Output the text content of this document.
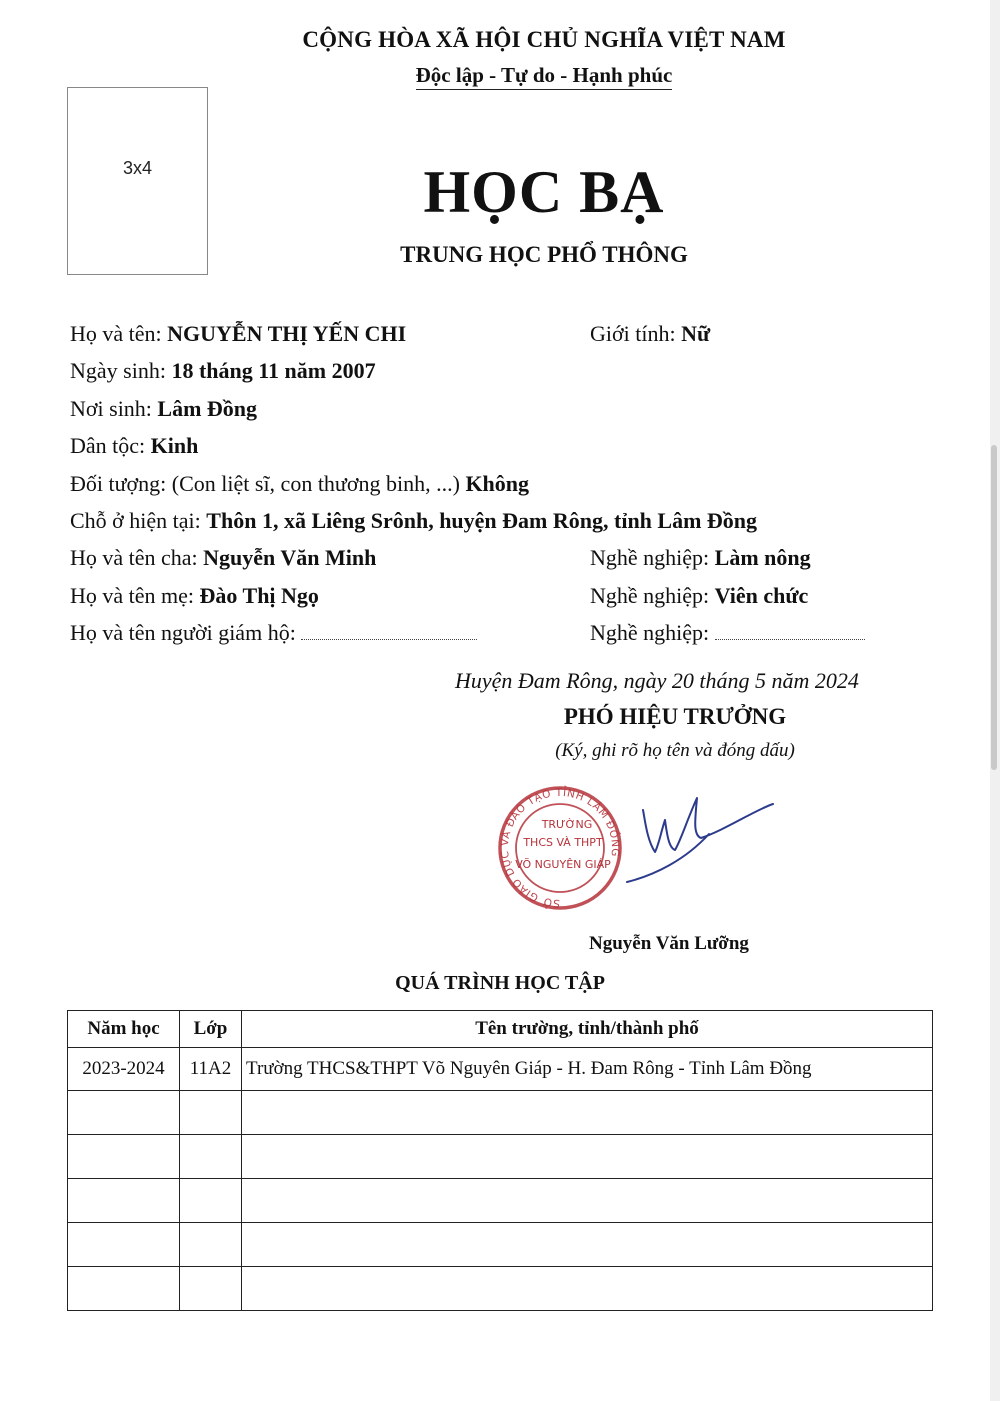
CỘNG HÒA XÃ HỘI CHỦ NGHĨA VIỆT NAM
Độc lập - Tự do - Hạnh phúc
3x4	HỌC BẠ
TRUNG HỌC PHỔ THÔNG
Họ và tên: NGUYỄN THỊ YẾN CHI	Giới tính: Nữ
Ngày sinh: 18 tháng 11 năm 2007
Nơi sinh: Lâm Đồng
Dân tộc: Kinh
Đối tượng: (Con liệt sĩ, con thương binh, ...) Không
Chỗ ở hiện tại: Thôn 1, xã Liêng Srônh, huyện Đam Rông, tỉnh Lâm Đồng
Họ và tên cha: Nguyễn Văn Minh	Nghề nghiệp: Làm nông
Họ và tên mẹ: Đào Thị Ngọ	Nghề nghiệp: Viên chức
Họ và tên người giám hộ:	Nghề nghiệp:
Huyện Đam Rông, ngày 20 tháng 5 năm 2024
PHÓ HIỆU TRƯỞNG
(Ký, ghi rõ họ tên và đóng dấu)
SỞ GIÁO DỤC VÀ ĐÀO TẠO TỈNH LÂM ĐỒNG
TRƯỜNG
THCS VÀ THPT
VÕ NGUYÊN GIÁP
Nguyễn Văn Lưỡng
QUÁ TRÌNH HỌC TẬP
Năm học	Lớp	Tên trường, tỉnh/thành phố
2023-2024	11A2	Trường THCS&THPT Võ Nguyên Giáp - H. Đam Rông - Tỉnh Lâm Đồng
